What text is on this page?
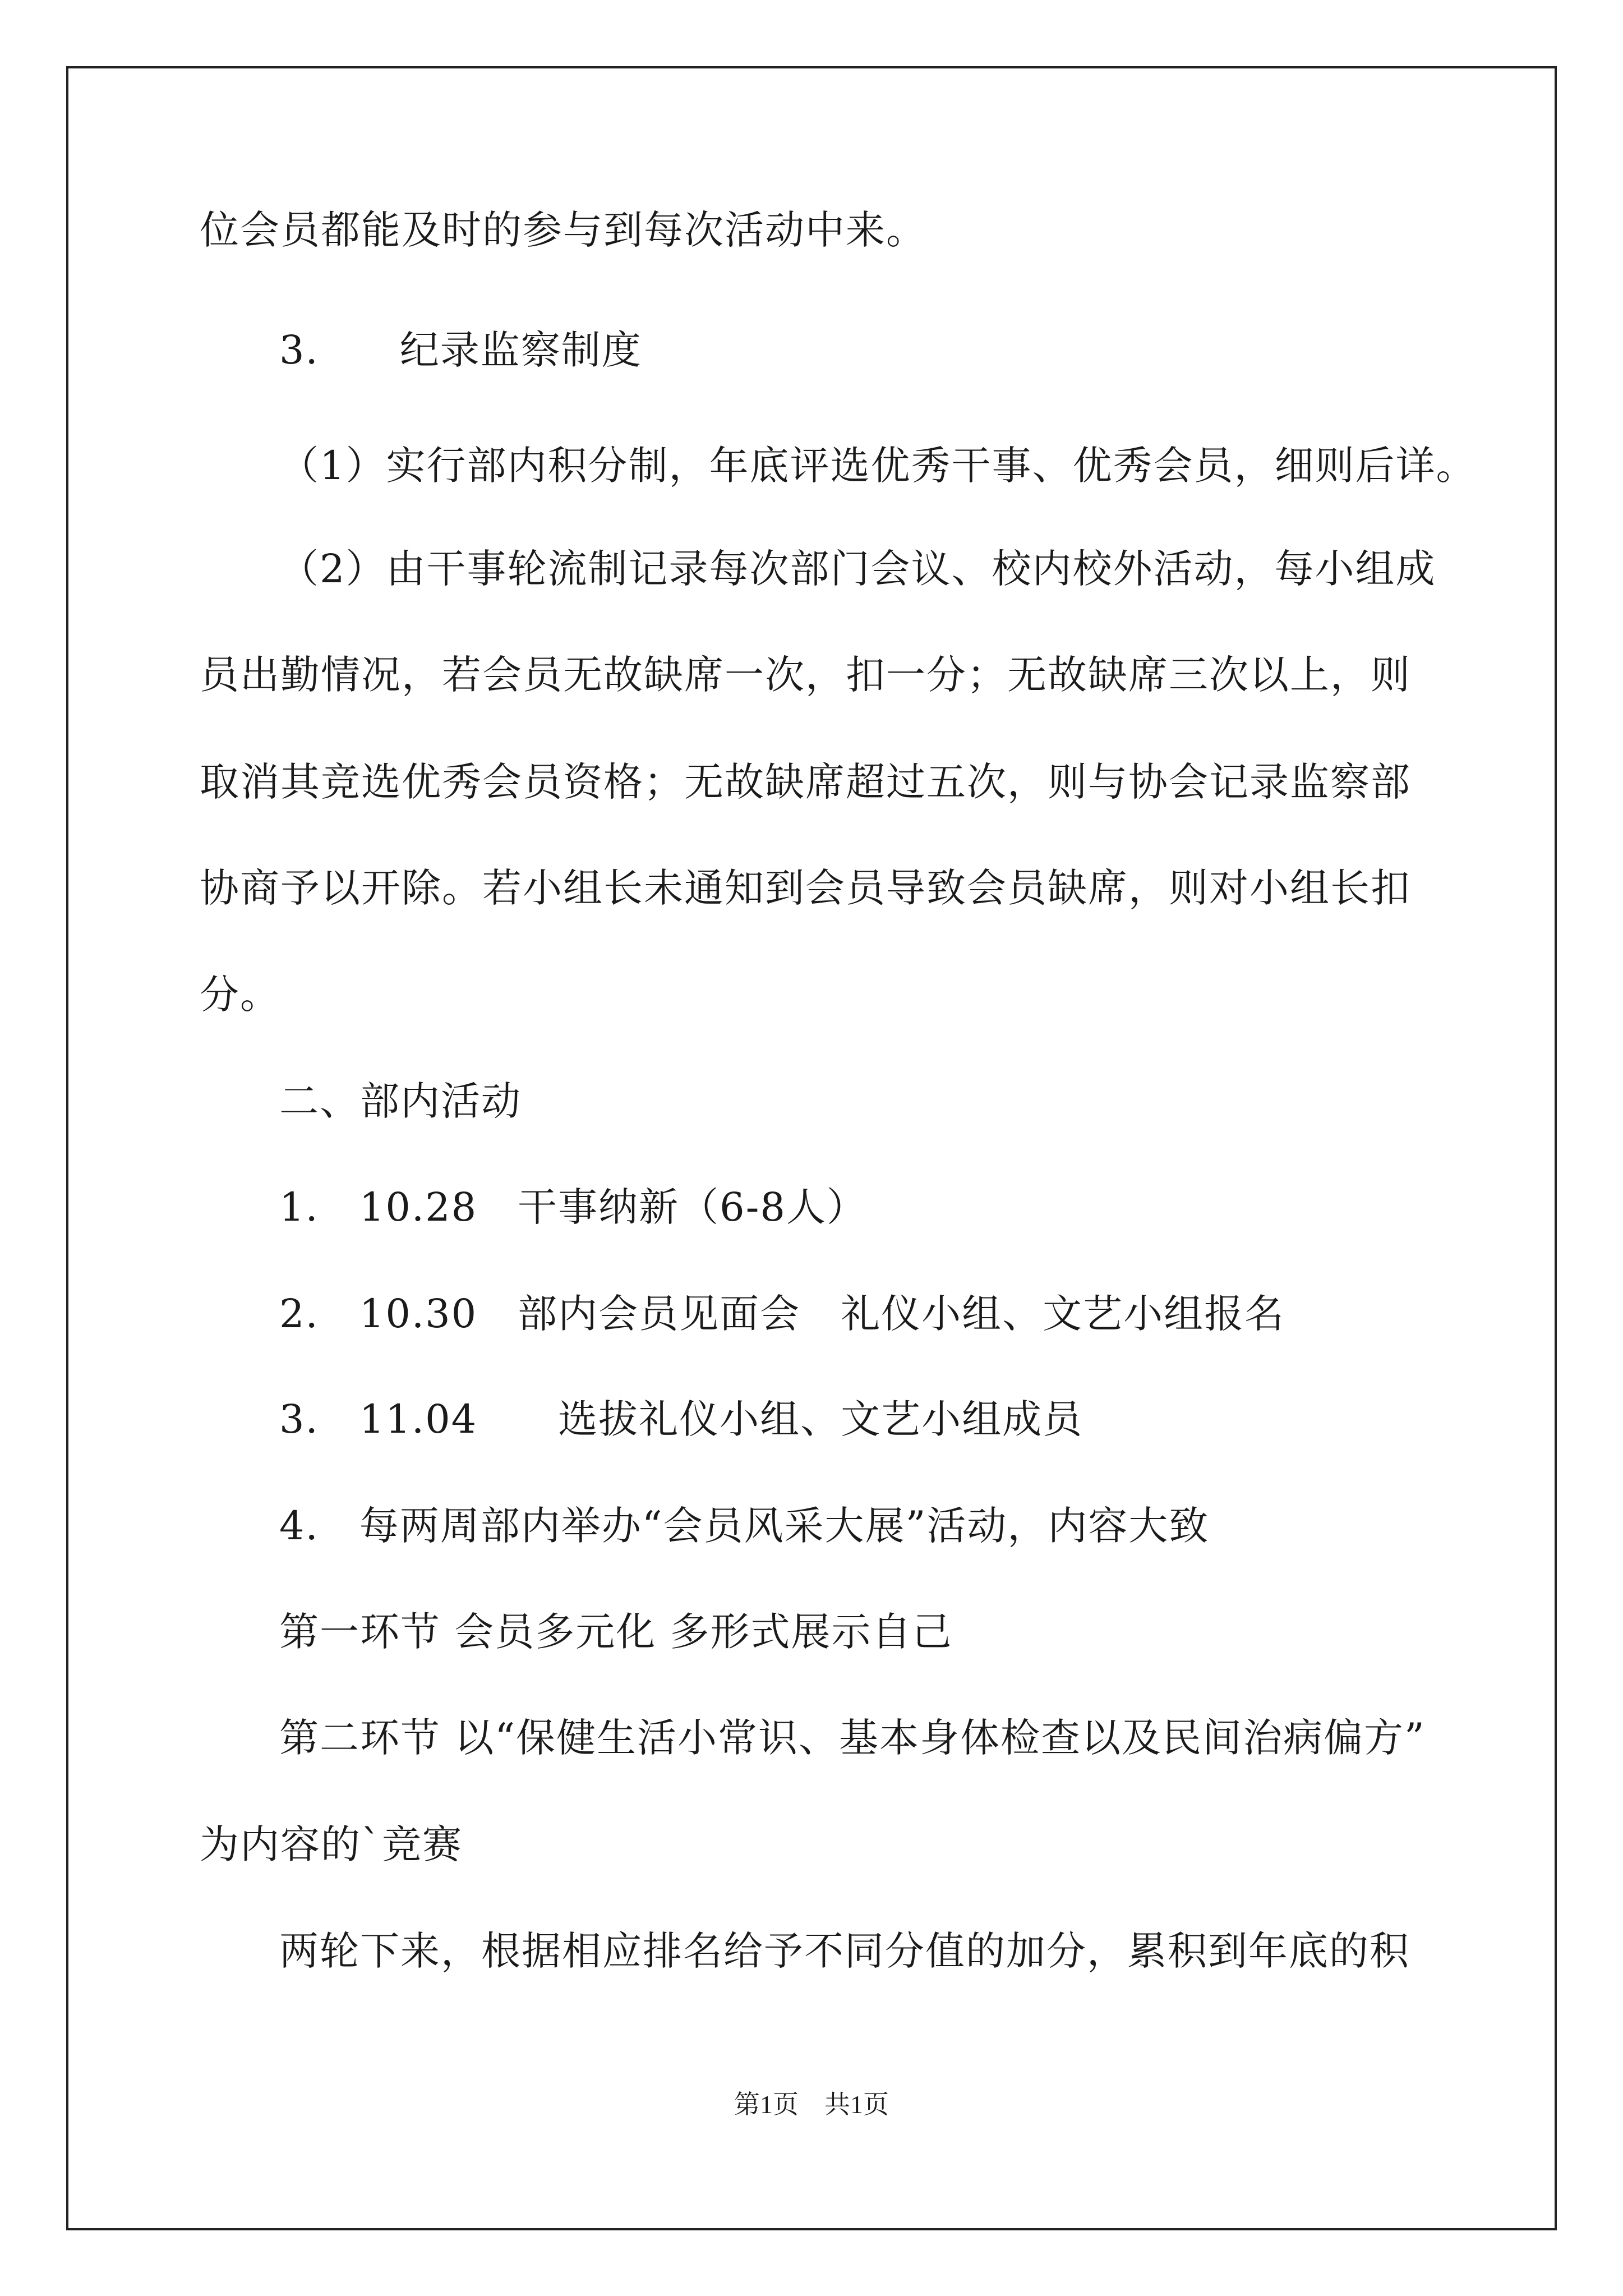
位会员都能及时的参与到每次活动中来。

3.　　纪录监察制度

（1）实行部内积分制，年底评选优秀干事、优秀会员，细则后详。

（2）由干事轮流制记录每次部门会议、校内校外活动，每小组成

员出勤情况，若会员无故缺席一次，扣一分；无故缺席三次以上，则

取消其竞选优秀会员资格；无故缺席超过五次，则与协会记录监察部

协商予以开除。若小组长未通知到会员导致会员缺席，则对小组长扣

分。

二、部内活动

1.　10.28　干事纳新（6-8人）

2.　10.30　部内会员见面会　礼仪小组、文艺小组报名

3.　11.04　　选拔礼仪小组、文艺小组成员

4.　每两周部内举办“会员风采大展”活动，内容大致

第一环节 会员多元化 多形式展示自己

第二环节 以“保健生活小常识、基本身体检查以及民间治病偏方”

为内容的`竞赛

两轮下来，根据相应排名给予不同分值的加分，累积到年底的积

第1页　共1页
